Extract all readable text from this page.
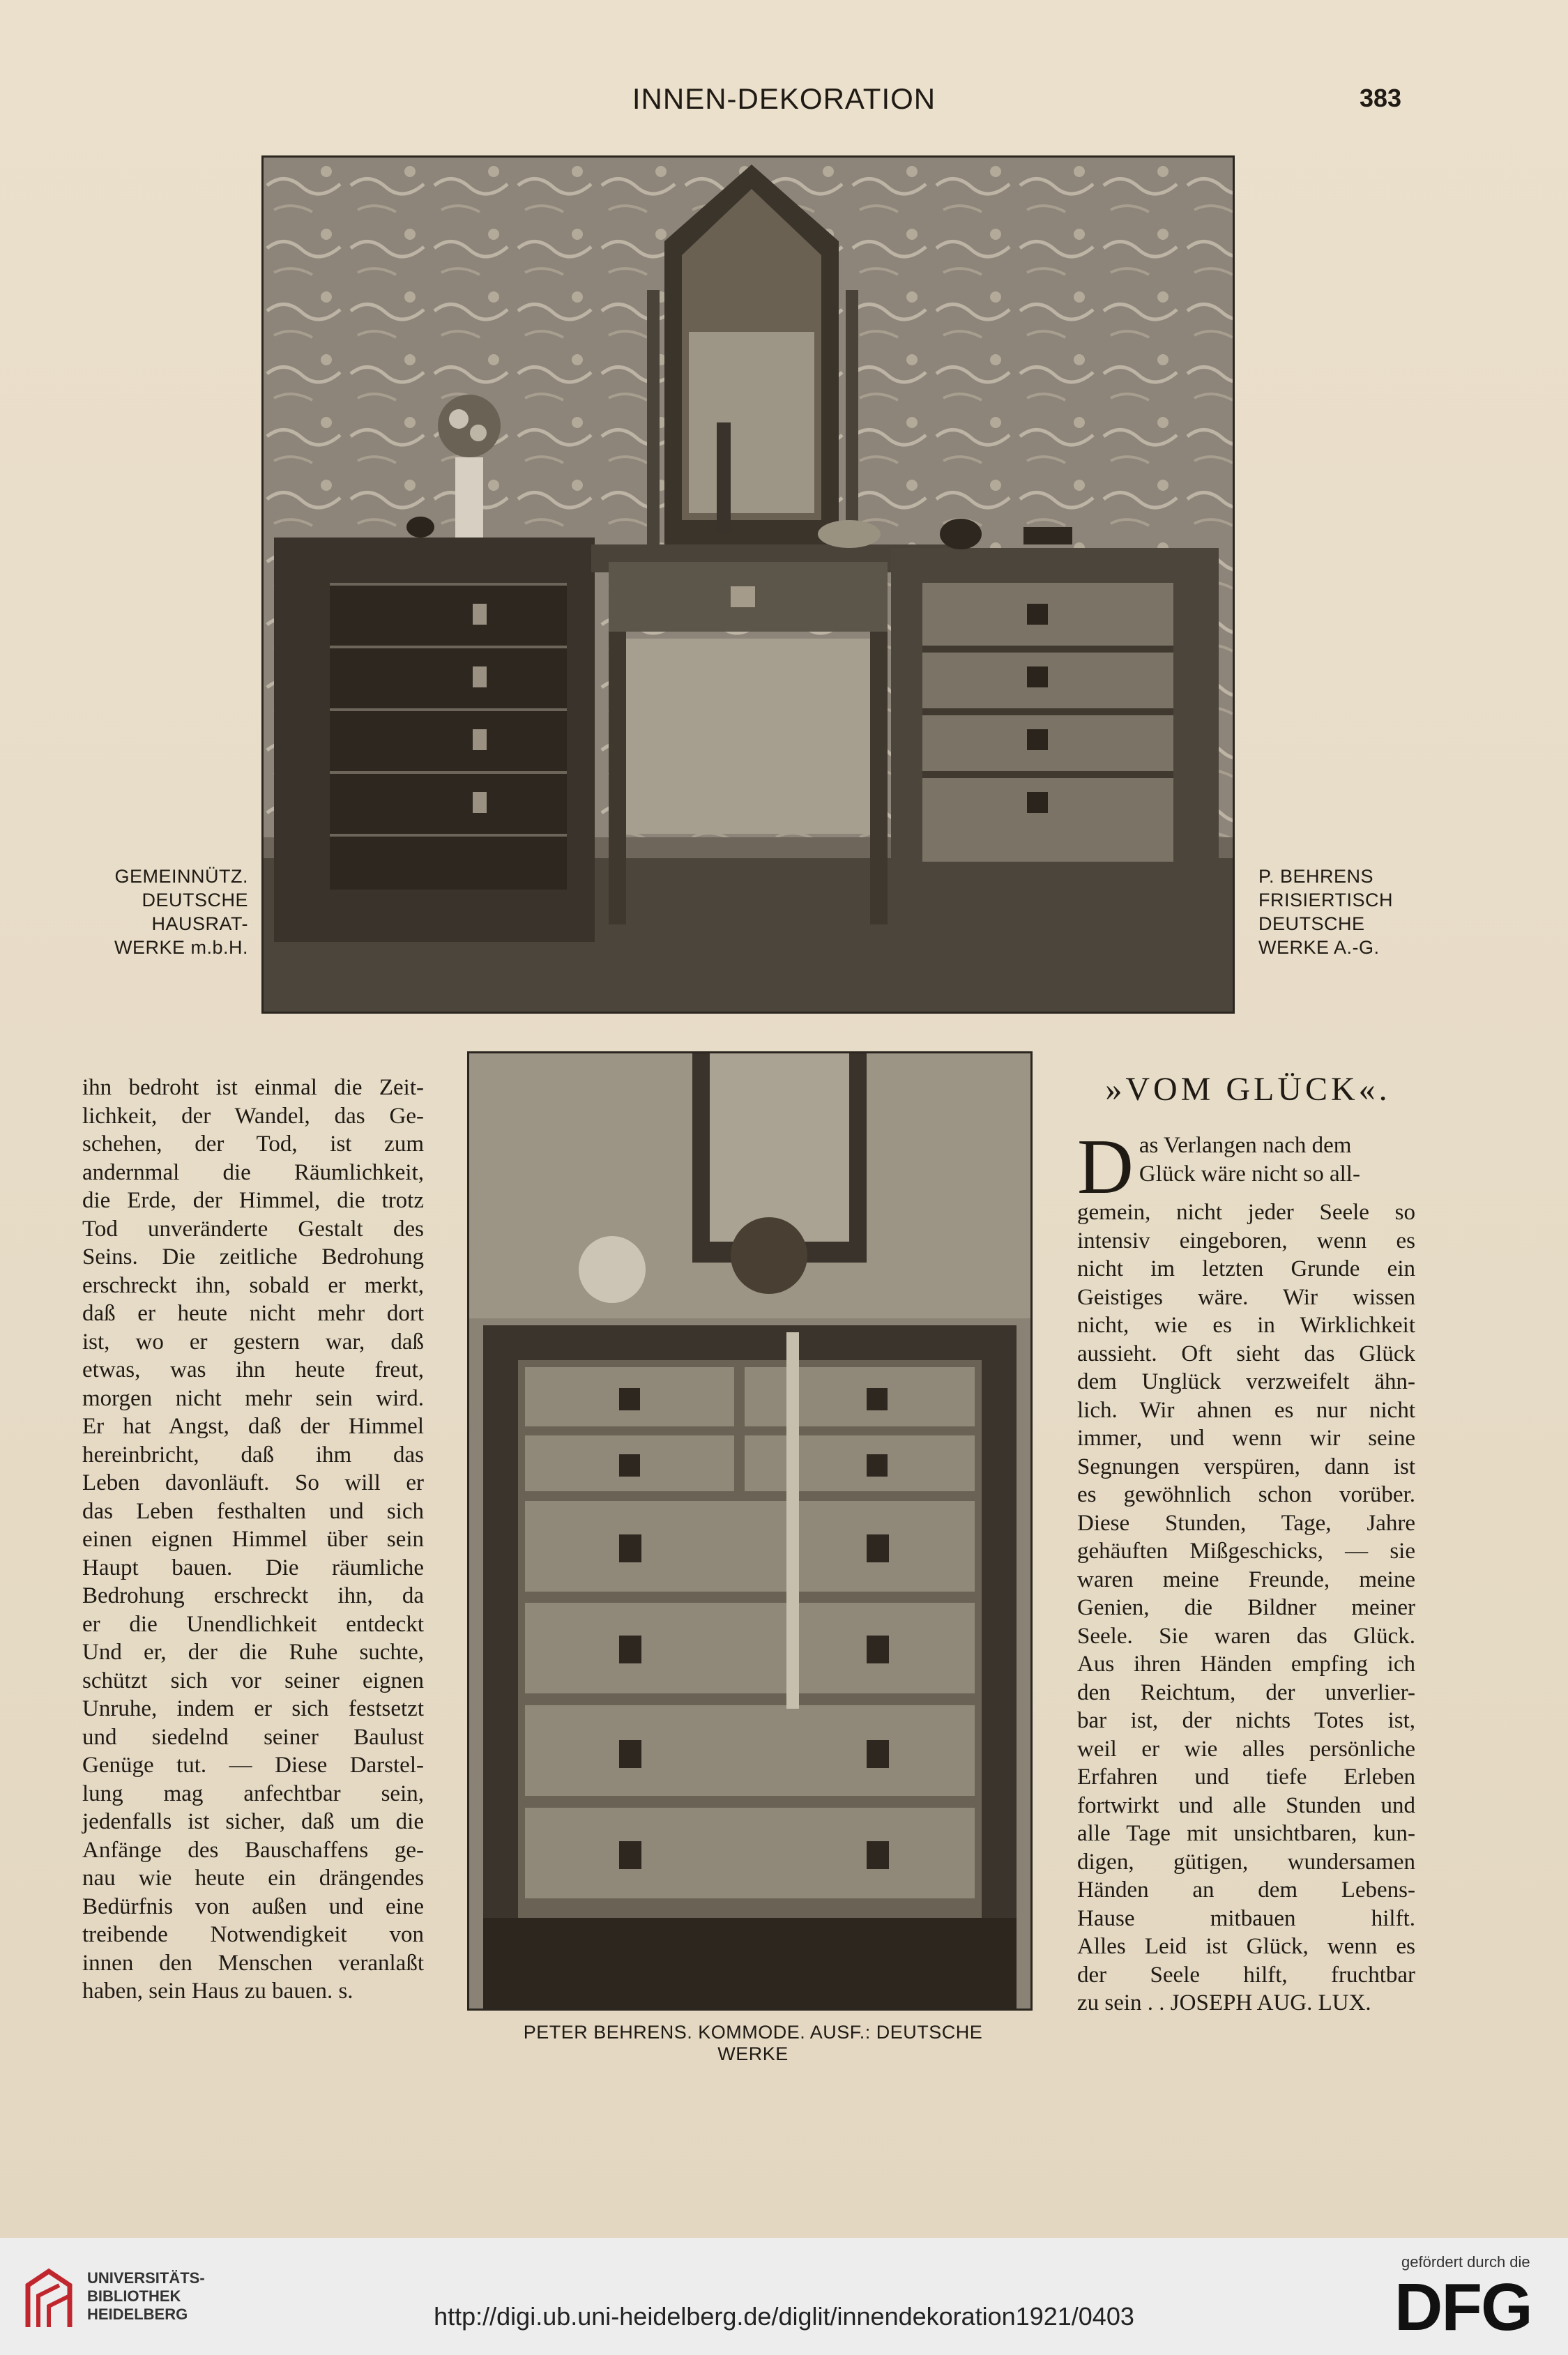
INNEN-DEKORATION	383
GEMEINNÜTZ.
DEUTSCHE
HAUSRAT-
WERKE m.b.H.
P. BEHRENS
FRISIERTISCH
DEUTSCHE
WERKE A.-G.

ihn bedroht ist einmal die Zeit-

lichkeit, der Wandel, das Ge-

schehen, der Tod, ist zum

andernmal die Räumlichkeit,

die Erde, der Himmel, die trotz

Tod unveränderte Gestalt des

Seins. Die zeitliche Bedrohung

erschreckt ihn, sobald er merkt,

daß er heute nicht mehr dort

ist, wo er gestern war, daß

etwas, was ihn heute freut,

morgen nicht mehr sein wird.

Er hat Angst, daß der Himmel

hereinbricht, daß ihm das

Leben davonläuft. So will er

das Leben festhalten und sich

einen eignen Himmel über sein

Haupt bauen. Die räumliche

Bedrohung erschreckt ihn, da

er die Unendlichkeit entdeckt

Und er, der die Ruhe suchte,

schützt sich vor seiner eignen

Unruhe, indem er sich festsetzt

und siedelnd seiner Baulust

Genüge tut. — Diese Darstel-

lung mag anfechtbar sein,

jedenfalls ist sicher, daß um die

Anfänge des Bauschaffens ge-

nau wie heute ein drängendes

Bedürfnis von außen und eine

treibende Notwendigkeit von

innen den Menschen veranlaßt

haben, sein Haus zu bauen. s.

PETER BEHRENS. KOMMODE. AUSF.: DEUTSCHE WERKE
»VOM GLÜCK«.
D as Verlangen nach dem

Glück wäre nicht so all-

gemein, nicht jeder Seele so

intensiv eingeboren, wenn es

nicht im letzten Grunde ein

Geistiges wäre. Wir wissen

nicht, wie es in Wirklichkeit

aussieht. Oft sieht das Glück

dem Unglück verzweifelt ähn-

lich. Wir ahnen es nur nicht

immer, und wenn wir seine

Segnungen verspüren, dann ist

es gewöhnlich schon vorüber.

Diese Stunden, Tage, Jahre

gehäuften Mißgeschicks, — sie

waren meine Freunde, meine

Genien, die Bildner meiner

Seele. Sie waren das Glück.

Aus ihren Händen empfing ich

den Reichtum, der unverlier-

bar ist, der nichts Totes ist,

weil er wie alles persönliche

Erfahren und tiefe Erleben

fortwirkt und alle Stunden und

alle Tage mit unsichtbaren, kun-

digen, gütigen, wundersamen

Händen an dem Lebens-

Hause mitbauen hilft.

Alles Leid ist Glück, wenn es

der Seele hilft, fruchtbar

zu sein . . JOSEPH AUG. LUX.

UNIVERSITÄTS-
BIBLIOTHEK
HEIDELBERG	http://digi.ub.uni-heidelberg.de/diglit/innendekoration1921/0403
gefördert durch die
DFG
